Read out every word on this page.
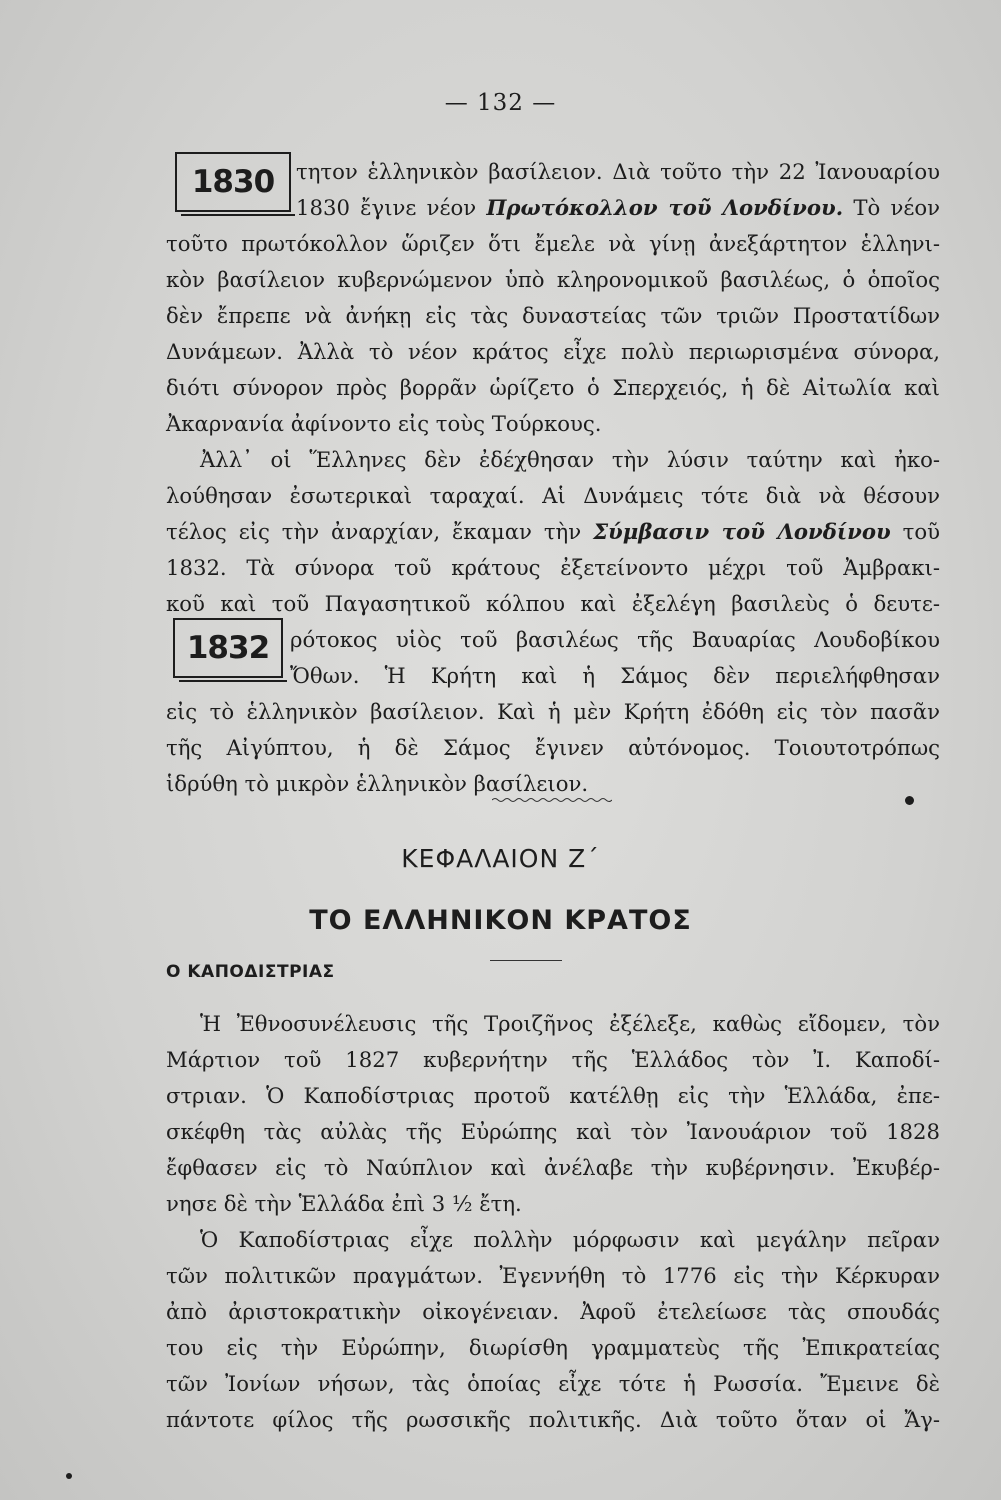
— 132 —
1830	τητον ἑλληνικὸν βασίλειον. Διὰ τοῦτο τὴν 22 Ἰανουαρίου
1830 ἔγινε νέον Πρωτόκολλον τοῦ Λονδίνου. Τὸ νέον
τοῦτο πρωτόκολλον ὥριζεν ὅτι ἔμελε νὰ γίνῃ ἀνεξάρτητον ἑλληνι-
κὸν βασίλειον κυβερνώμενον ὑπὸ κληρονομικοῦ βασιλέως, ὁ ὁποῖος
δὲν ἔπρεπε νὰ ἀνήκῃ εἰς τὰς δυναστείας τῶν τριῶν Προστατίδων
Δυνάμεων. Ἀλλὰ τὸ νέον κράτος εἶχε πολὺ περιωρισμένα σύνορα,
διότι σύνορον πρὸς βορρᾶν ὡρίζετο ὁ Σπερχειός, ἡ δὲ Αἰτωλία καὶ
Ἀκαρνανία ἀφίνοντο εἰς τοὺς Τούρκους.
Ἀλλ᾿ οἱ Ἕλληνες δὲν ἐδέχθησαν τὴν λύσιν ταύτην καὶ ἠκο-
λούθησαν ἐσωτερικαὶ ταραχαί. Αἱ Δυνάμεις τότε διὰ νὰ θέσουν
τέλος εἰς τὴν ἀναρχίαν, ἔκαμαν τὴν Σύμβασιν τοῦ Λονδίνου τοῦ
1832. Τὰ σύνορα τοῦ κράτους ἐξετείνοντο μέχρι τοῦ Ἀμβρακι-
κοῦ καὶ τοῦ Παγασητικοῦ κόλπου καὶ ἐξελέγη βασιλεὺς ὁ δευτε-
1832 ρότοκος υἱὸς τοῦ βασιλέως τῆς Βαυαρίας Λουδοβίκου
Ὄθων. Ἡ Κρήτη καὶ ἡ Σάμος δὲν περιελήφθησαν
εἰς τὸ ἑλληνικὸν βασίλειον. Καὶ ἡ μὲν Κρήτη ἐδόθη εἰς τὸν πασᾶν
τῆς Αἰγύπτου, ἡ δὲ Σάμος ἔγινεν αὐτόνομος. Τοιουτοτρόπως
ἱδρύθη τὸ μικρὸν ἑλληνικὸν βασίλειον.
ΚΕΦΑΛΑΙΟΝ Ζ΄
ΤΟ ΕΛΛΗΝΙΚΟΝ ΚΡΑΤΟΣ
Ο ΚΑΠΟΔΙΣΤΡΙΑΣ
Ἡ Ἐθνοσυνέλευσις τῆς Τροιζῆνος ἐξέλεξε, καθὼς εἴδομεν, τὸν
Μάρτιον τοῦ 1827 κυβερνήτην τῆς Ἑλλάδος τὸν Ἰ. Καποδί-
στριαν. Ὁ Καποδίστριας προτοῦ κατέλθῃ εἰς τὴν Ἑλλάδα, ἐπε-
σκέφθη τὰς αὐλὰς τῆς Εὐρώπης καὶ τὸν Ἰανουάριον τοῦ 1828
ἔφθασεν εἰς τὸ Ναύπλιον καὶ ἀνέλαβε τὴν κυβέρνησιν. Ἐκυβέρ-
νησε δὲ τὴν Ἑλλάδα ἐπὶ 3 ½ ἔτη.
Ὁ Καποδίστριας εἶχε πολλὴν μόρφωσιν καὶ μεγάλην πεῖραν
τῶν πολιτικῶν πραγμάτων. Ἐγεννήθη τὸ 1776 εἰς τὴν Κέρκυραν
ἀπὸ ἀριστοκρατικὴν οἰκογένειαν. Ἀφοῦ ἐτελείωσε τὰς σπουδάς
του εἰς τὴν Εὐρώπην, διωρίσθη γραμματεὺς τῆς Ἐπικρατείας
τῶν Ἰονίων νήσων, τὰς ὁποίας εἶχε τότε ἡ Ρωσσία. Ἔμεινε δὲ
πάντοτε φίλος τῆς ρωσσικῆς πολιτικῆς. Διὰ τοῦτο ὅταν οἱ Ἄγ-
